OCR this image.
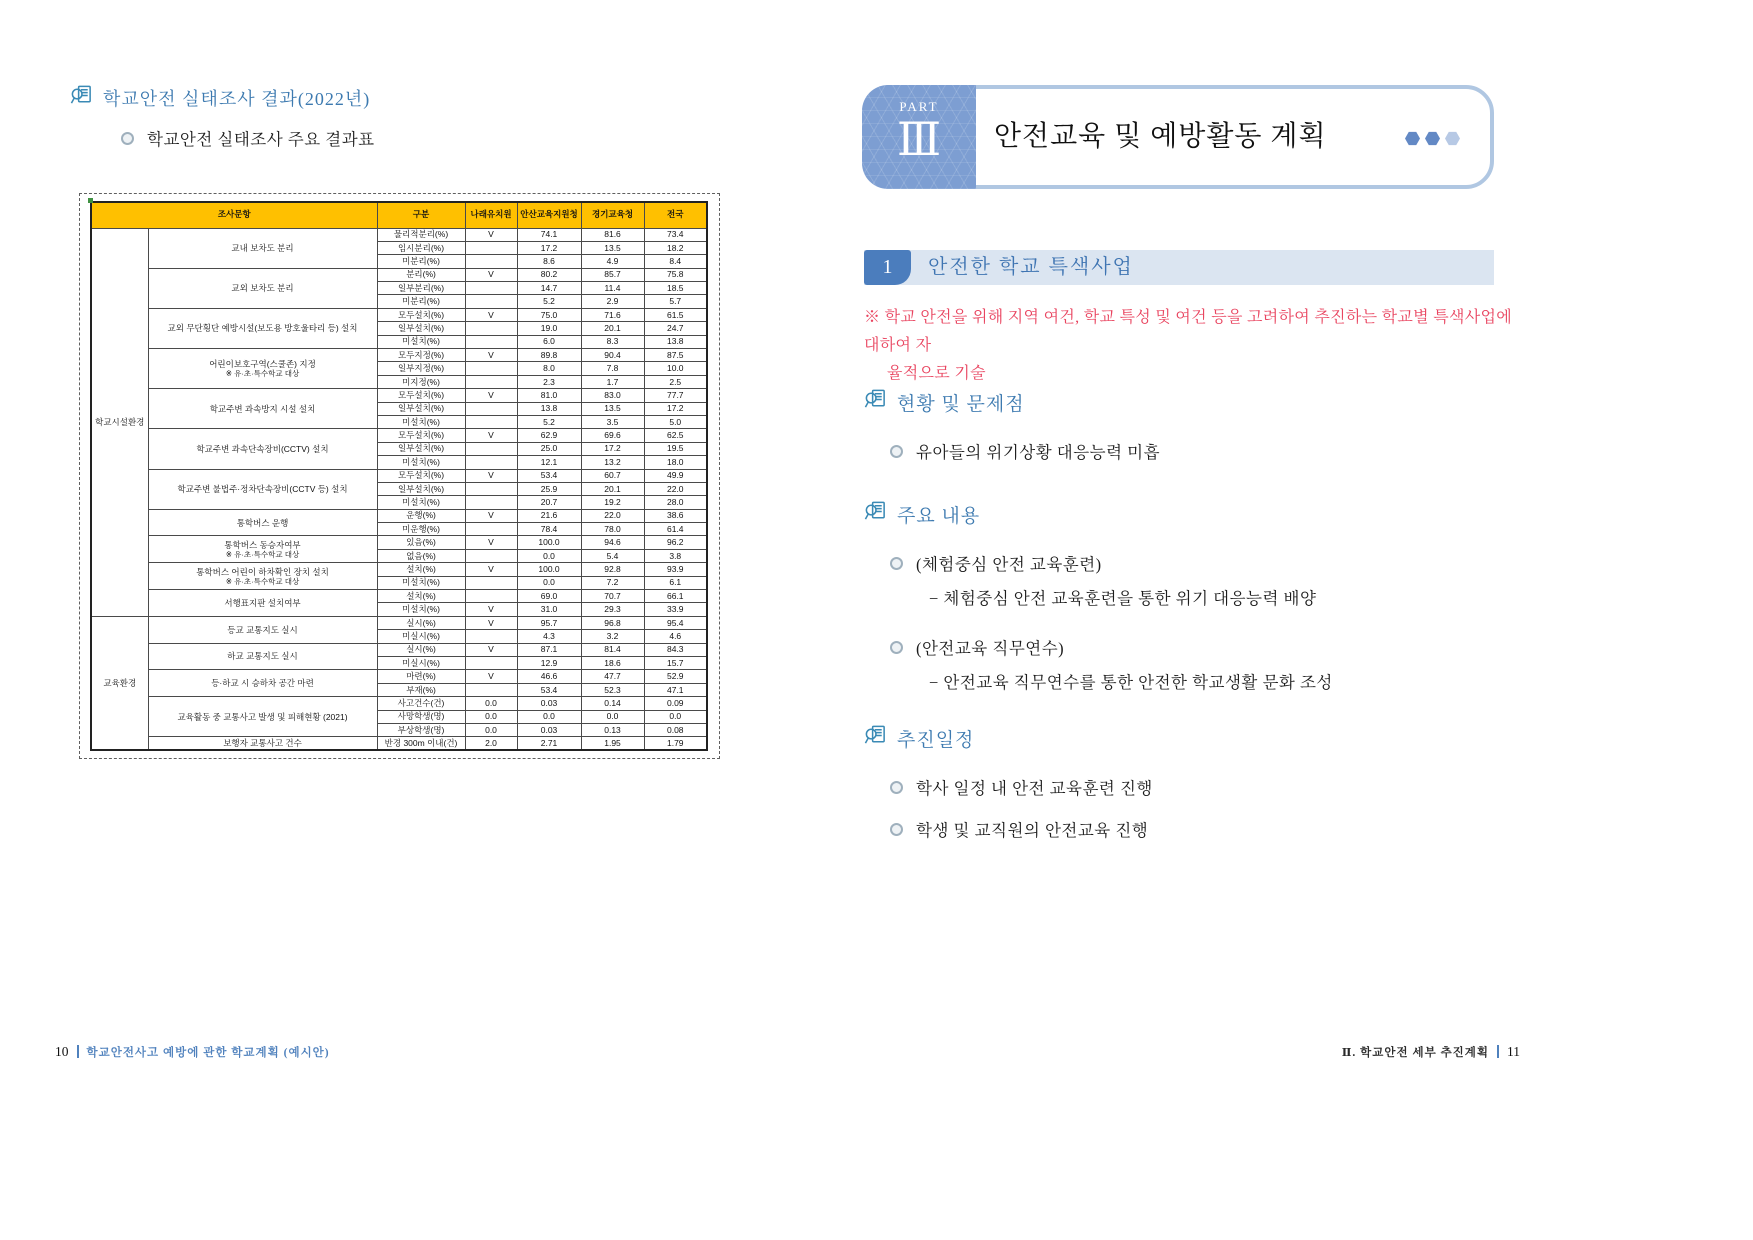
학교안전 실태조사 결과(2022년)
학교안전 실태조사 주요 결과표
조사문항		구분	나래유치원	안산교육지원청	경기교육청	전국
학교시설환경	교내 보차도 분리	물리적분리(%)	V	74.1	81.6	73.4
		임시분리(%)		17.2	13.5	18.2
		미분리(%)		8.6	4.9	8.4

	교외 보차도 분리	분리(%)	V	80.2	85.7	75.8
		일부분리(%)		14.7	11.4	18.5
		미분리(%)		5.2	2.9	5.7

	교외 무단횡단 예방시설(보도용 방호울타리 등) 설치	모두설치(%)	V	75.0	71.6	61.5
		일부설치(%)		19.0	20.1	24.7
		미설치(%)		6.0	8.3	13.8

	어린이보호구역(스쿨존) 지정
※ 유·초·특수학교 대상	모두지정(%)	V	89.8	90.4	87.5
		일부지정(%)		8.0	7.8	10.0
		미지정(%)		2.3	1.7	2.5

	학교주변 과속방지 시설 설치	모두설치(%)	V	81.0	83.0	77.7
		일부설치(%)		13.8	13.5	17.2
		미설치(%)		5.2	3.5	5.0

	학교주변 과속단속장비(CCTV) 설치	모두설치(%)	V	62.9	69.6	62.5
		일부설치(%)		25.0	17.2	19.5
		미설치(%)		12.1	13.2	18.0

	학교주변 불법주·정차단속장비(CCTV 등) 설치	모두설치(%)	V	53.4	60.7	49.9
		일부설치(%)		25.9	20.1	22.0
		미설치(%)		20.7	19.2	28.0

	통학버스 운행	운행(%)	V	21.6	22.0	38.6
		미운행(%)		78.4	78.0	61.4

	통학버스 동승자여부
※ 유·초·특수학교 대상	있음(%)	V	100.0	94.6	96.2
		없음(%)		0.0	5.4	3.8

	통학버스 어린이 하차확인 장치 설치
※ 유·초·특수학교 대상	설치(%)	V	100.0	92.8	93.9
		미설치(%)		0.0	7.2	6.1

	서행표지판 설치여부	설치(%)		69.0	70.7	66.1
		미설치(%)	V	31.0	29.3	33.9
교육환경	등교 교통지도 실시	실시(%)	V	95.7	96.8	95.4
		미실시(%)		4.3	3.2	4.6

	하교 교통지도 실시	실시(%)	V	87.1	81.4	84.3
		미실시(%)		12.9	18.6	15.7

	등·하교 시 승하차 공간 마련	마련(%)	V	46.6	47.7	52.9
		부재(%)		53.4	52.3	47.1

	교육활동 중 교통사고 발생 및 피해현황 (2021)	사고건수(건)	0.0	0.03	0.14	0.09
		사망학생(명)	0.0	0.0	0.0	0.0
		부상학생(명)	0.0	0.03	0.13	0.08

	보행자 교통사고 건수	반경 300m 이내(건)	2.0	2.71	1.95	1.79
10 학교안전사고 예방에 관한 학교계획 (예시안)
PART
Ⅲ	안전교육 및 예방활동 계획
1	안전한 학교 특색사업
※ 학교 안전을 위해 지역 여건, 학교 특성 및 여건 등을 고려하여 추진하는 학교별 특색사업에 대하여 자
율적으로 기술
현황 및 문제점
유아들의 위기상황 대응능력 미흡
주요 내용
(체험중심 안전 교육훈련)
− 체험중심 안전 교육훈련을 통한 위기 대응능력 배양
(안전교육 직무연수)
− 안전교육 직무연수를 통한 안전한 학교생활 문화 조성
추진일정
학사 일정 내 안전 교육훈련 진행
학생 및 교직원의 안전교육 진행
Ⅱ. 학교안전 세부 추진계획 11
